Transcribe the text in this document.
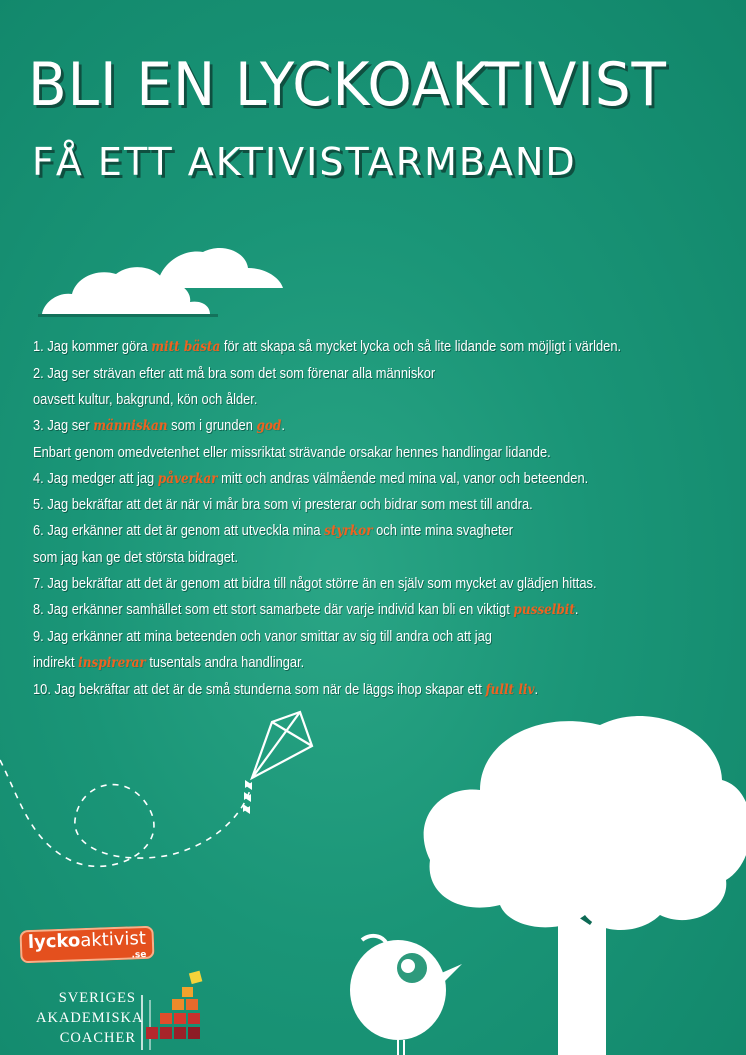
BLI EN LYCKOAKTIVIST
FÅ ETT AKTIVISTARMBAND
1. Jag kommer göra mitt bästa för att skapa så mycket lycka och så lite lidande som möjligt i världen.
2. Jag ser strävan efter att må bra som det som förenar alla människor
oavsett kultur, bakgrund, kön och ålder.
3. Jag ser människan som i grunden god.
Enbart genom omedvetenhet eller missriktat strävande orsakar hennes handlingar lidande.
4. Jag medger att jag påverkar mitt och andras välmående med mina val, vanor och beteenden.
5. Jag bekräftar att det är när vi mår bra som vi presterar och bidrar som mest till andra.
6. Jag erkänner att det är genom att utveckla mina styrkor och inte mina svagheter
som jag kan ge det största bidraget.
7. Jag bekräftar att det är genom att bidra till något större än en själv som mycket av glädjen hittas.
8. Jag erkänner samhället som ett stort samarbete där varje individ kan bli en viktigt pusselbit.
9. Jag erkänner att mina beteenden och vanor smittar av sig till andra och att jag
indirekt inspirerar tusentals andra handlingar.
10. Jag bekräftar att det är de små stunderna som när de läggs ihop skapar ett fullt liv.
lyckoaktivist
.se
SVERIGES
AKADEMISKA
COACHER
